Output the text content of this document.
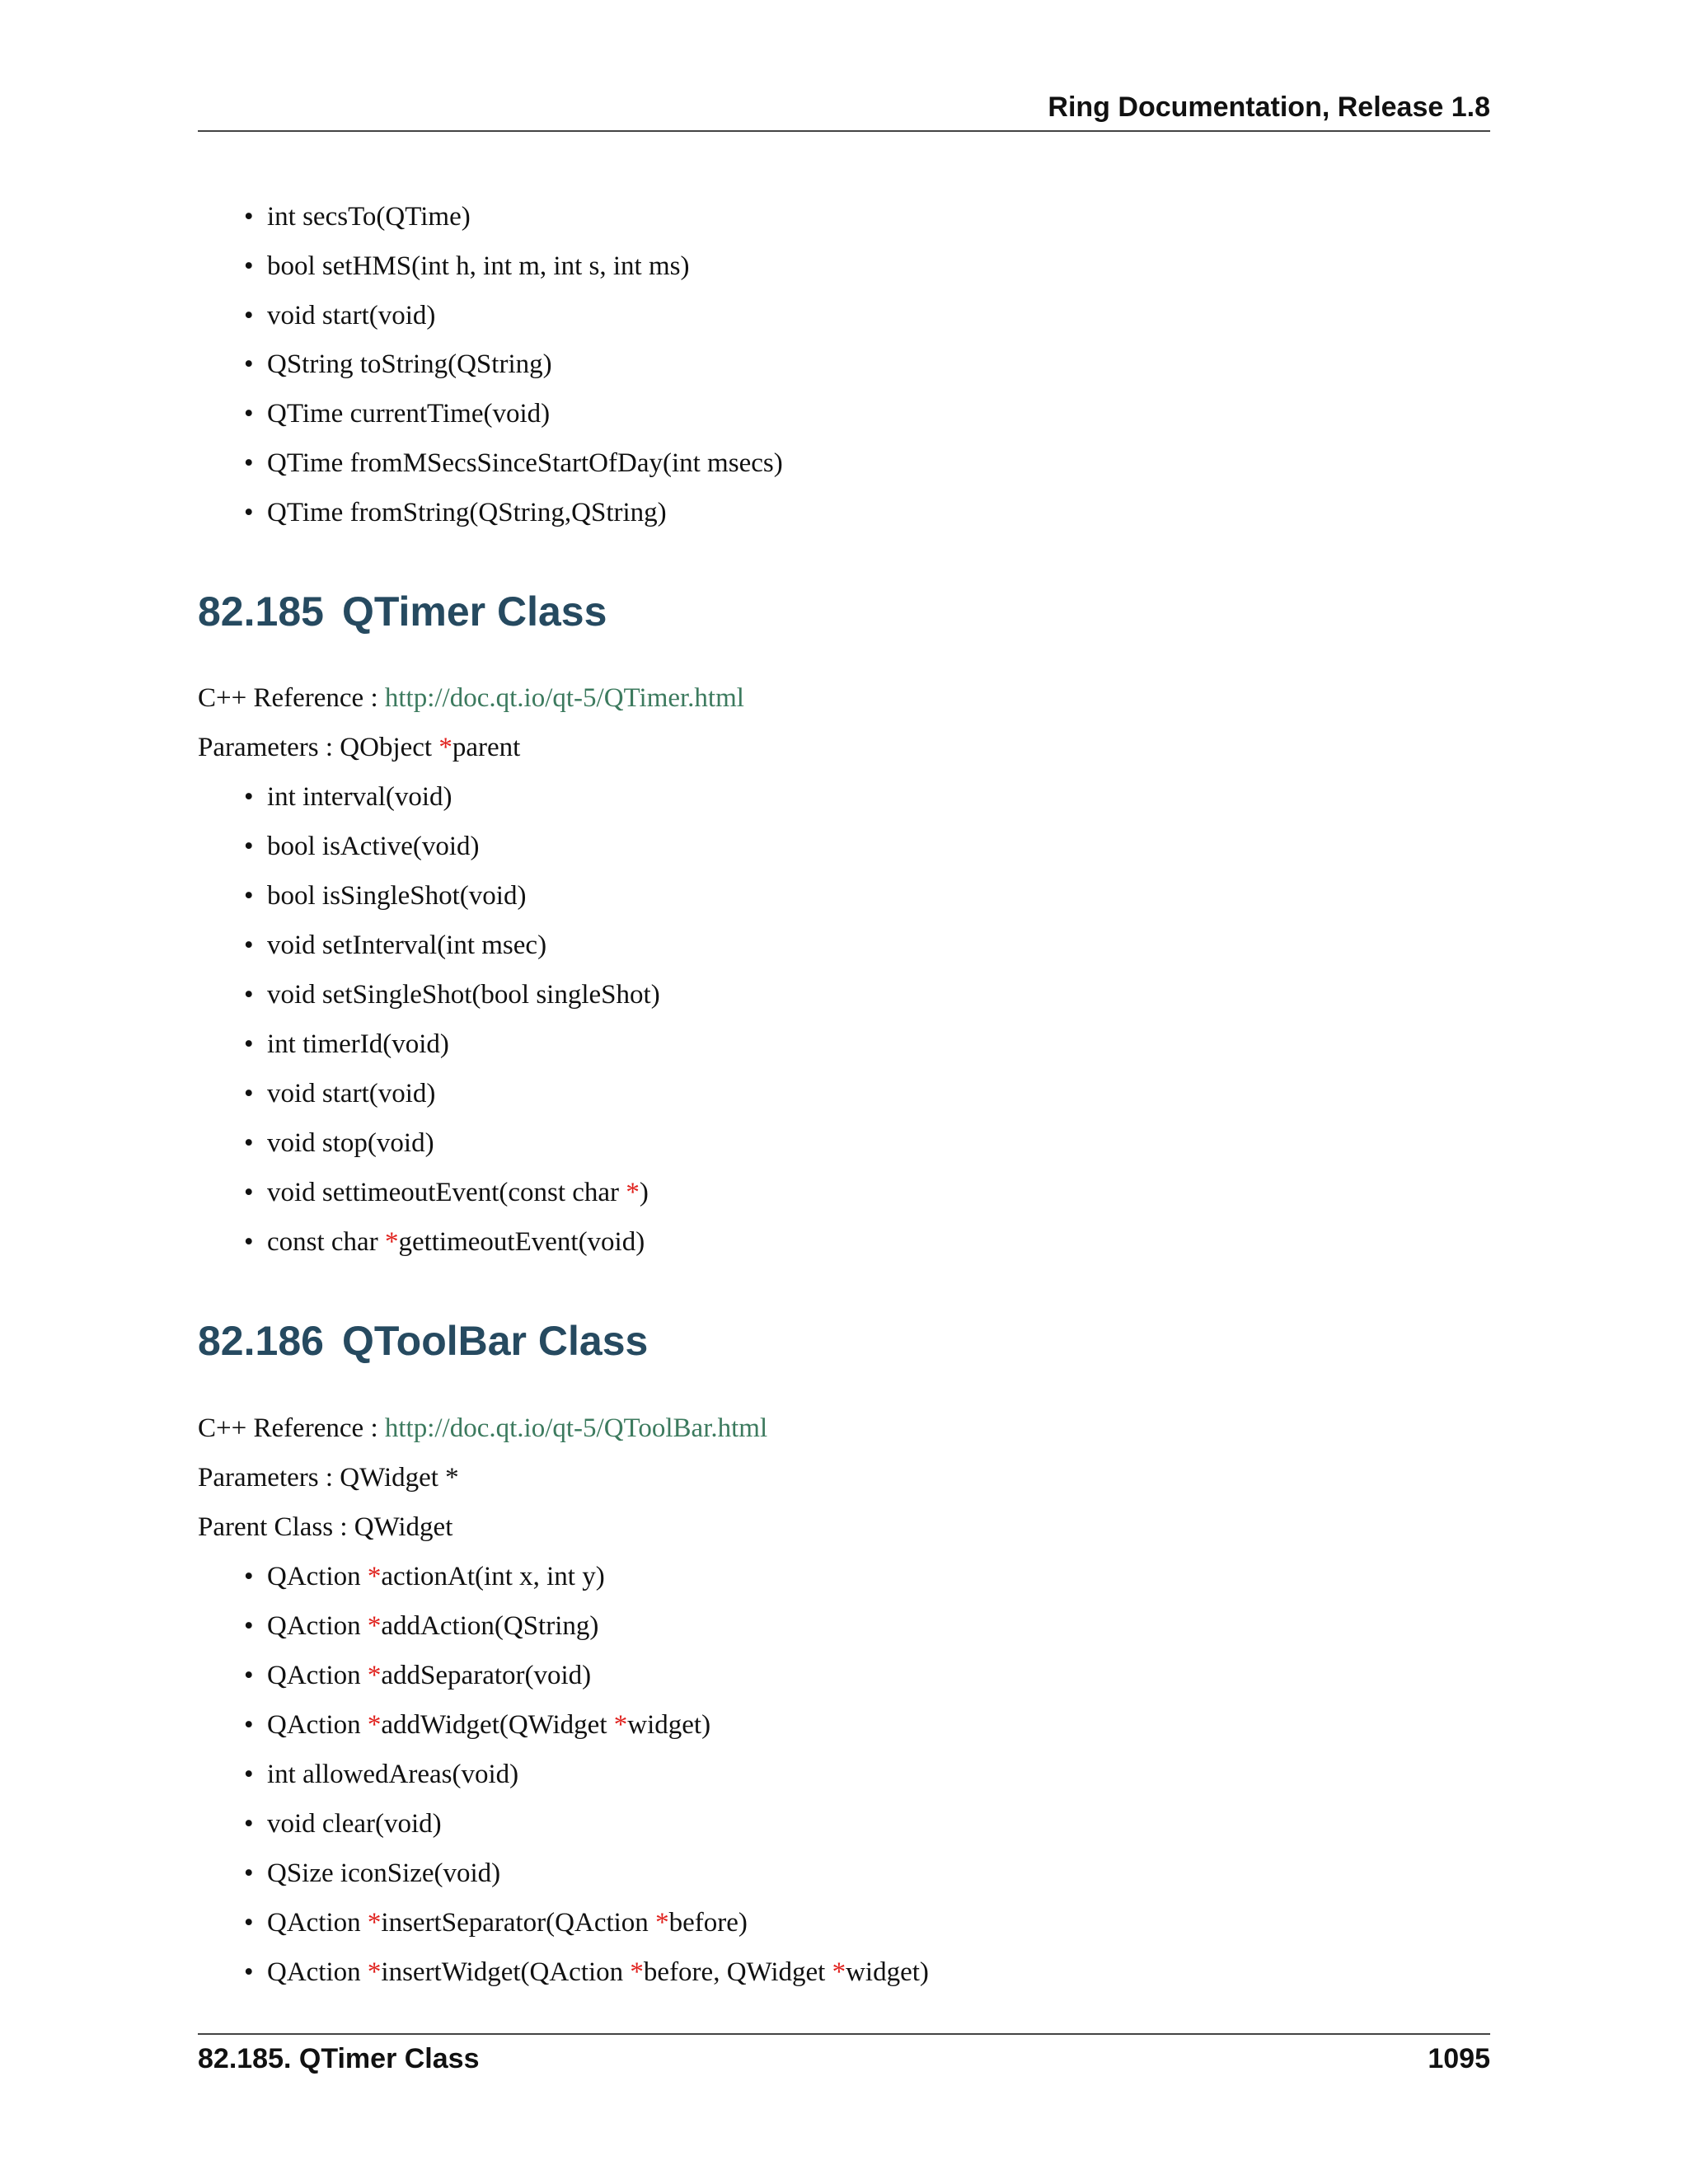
Ring Documentation, Release 1.8
• int secsTo(QTime)
• bool setHMS(int h, int m, int s, int ms)
• void start(void)
• QString toString(QString)
• QTime currentTime(void)
• QTime fromMSecsSinceStartOfDay(int msecs)
• QTime fromString(QString,QString)
82.185 QTimer Class
C++ Reference : http://doc.qt.io/qt-5/QTimer.html
Parameters : QObject *parent
• int interval(void)
• bool isActive(void)
• bool isSingleShot(void)
• void setInterval(int msec)
• void setSingleShot(bool singleShot)
• int timerId(void)
• void start(void)
• void stop(void)
• void settimeoutEvent(const char *)
• const char *gettimeoutEvent(void)
82.186 QToolBar Class
C++ Reference : http://doc.qt.io/qt-5/QToolBar.html
Parameters : QWidget *
Parent Class : QWidget
• QAction *actionAt(int x, int y)
• QAction *addAction(QString)
• QAction *addSeparator(void)
• QAction *addWidget(QWidget *widget)
• int allowedAreas(void)
• void clear(void)
• QSize iconSize(void)
• QAction *insertSeparator(QAction *before)
• QAction *insertWidget(QAction *before, QWidget *widget)
82.185. QTimer Class	1095
